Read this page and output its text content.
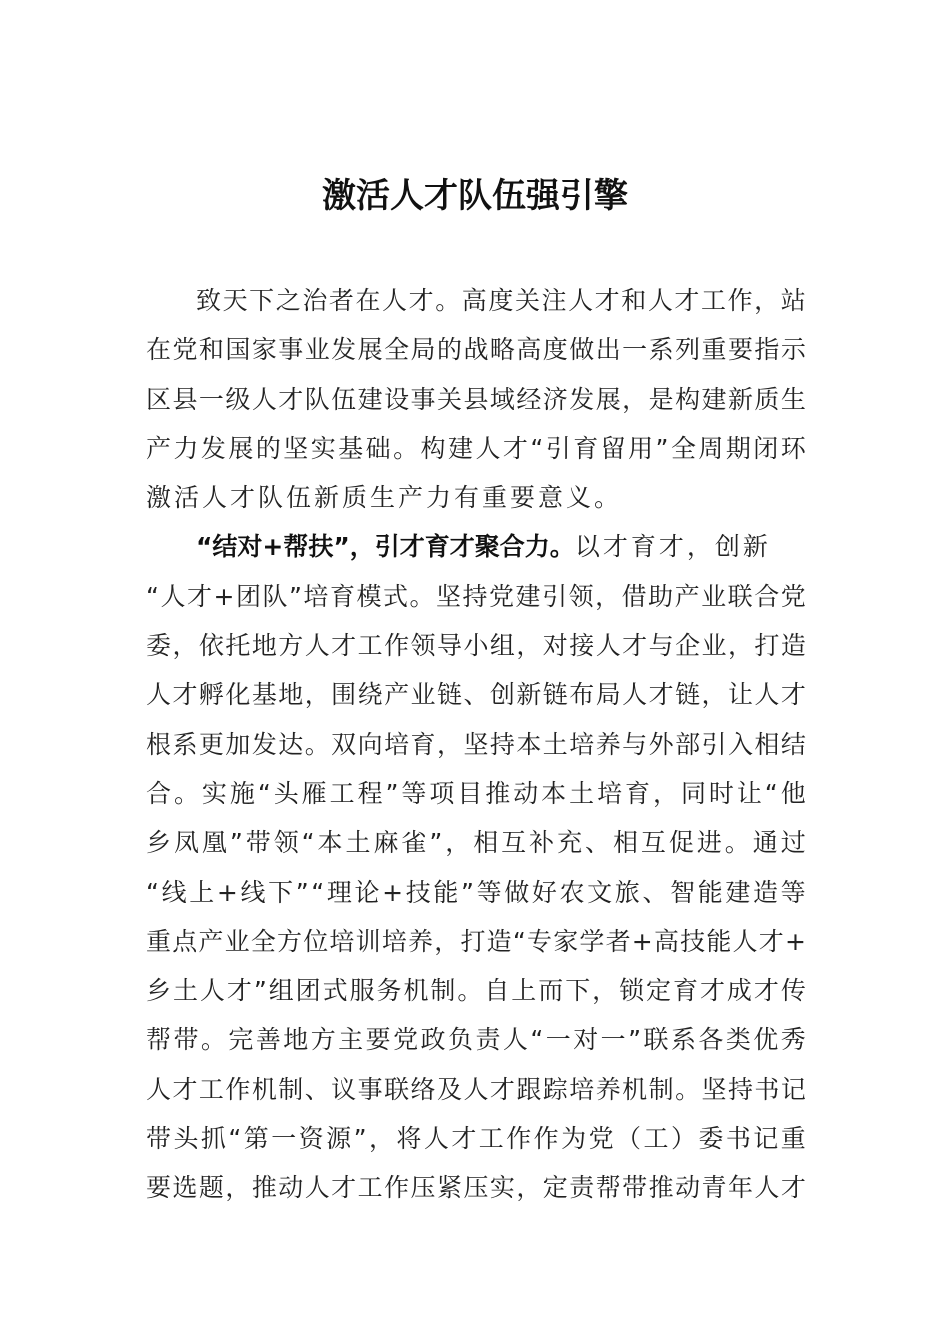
激活人才队伍强引擎
致 天 下 之 治 者 在 人 才 。 高 度 关 注 人 才 和 人 才 工 作 ， 站
在 党 和 国 家 事 业 发 展 全 局 的 战 略 高 度 做 出 一 系 列 重 要 指 示
区 县 一 级 人 才 队 伍 建 设 事 关 县 域 经 济 发 展 ， 是 构 建 新 质 生
产 力 发 展 的 坚 实 基 础 。 构 建 人 才 “ 引 育 留 用 ” 全 周 期 闭 环
激活人才队伍新质生产力有重要意义。
“结对+帮扶”，引才育才聚合力。 以才育才，创新
“ 人 才 + 团 队 ” 培 育 模 式 。 坚 持 党 建 引 领 ， 借 助 产 业 联 合 党
委 ， 依 托 地 方 人 才 工 作 领 导 小 组 ， 对 接 人 才 与 企 业 ， 打 造
人 才 孵 化 基 地 ， 围 绕 产 业 链 、 创 新 链 布 局 人 才 链 ， 让 人 才
根 系 更 加 发 达 。 双 向 培 育 ， 坚 持 本 土 培 养 与 外 部 引 入 相 结
合 。 实 施 “ 头 雁 工 程 ” 等 项 目 推 动 本 土 培 育 ， 同 时 让 “ 他
乡 凤 凰 ” 带 领 “ 本 土 麻 雀 ” ， 相 互 补 充 、 相 互 促 进 。 通 过
“ 线 上 + 线 下 ” “ 理 论 + 技 能 ” 等 做 好 农 文 旅 、 智 能 建 造 等
重 点 产 业 全 方 位 培 训 培 养 ， 打 造 “ 专 家 学 者 + 高 技 能 人 才 +
乡 土 人 才 ” 组 团 式 服 务 机 制 。 自 上 而 下 ， 锁 定 育 才 成 才 传
帮 带 。 完 善 地 方 主 要 党 政 负 责 人 “ 一 对 一 ” 联 系 各 类 优 秀
人 才 工 作 机 制 、 议 事 联 络 及 人 才 跟 踪 培 养 机 制 。 坚 持 书 记
带 头 抓 “ 第 一 资 源 ” ， 将 人 才 工 作 作 为 党 （ 工 ） 委 书 记 重
要 选 题 ， 推 动 人 才 工 作 压 紧 压 实 ， 定 责 帮 带 推 动 青 年 人 才
